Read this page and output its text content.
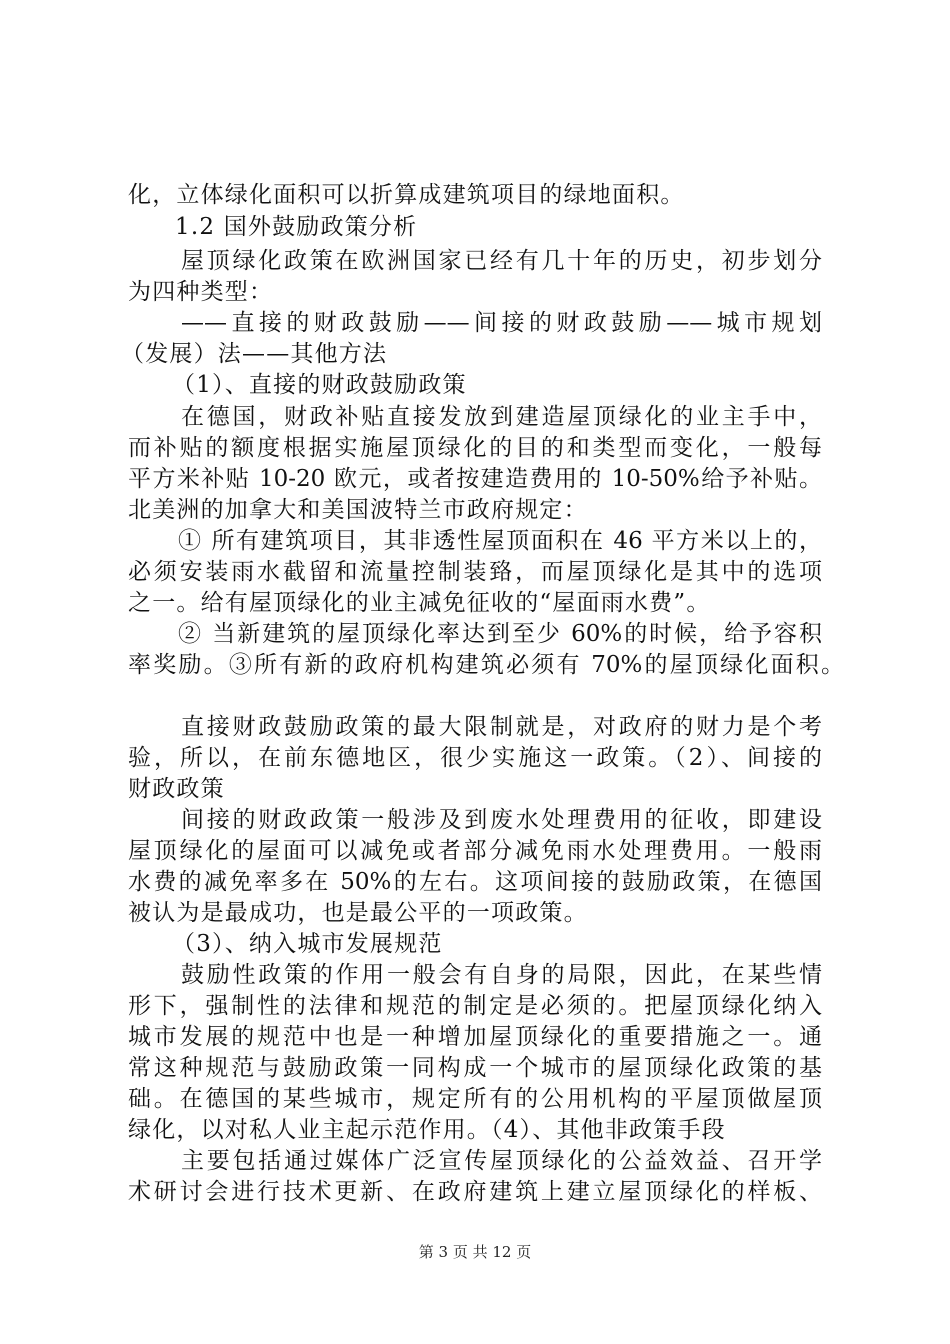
化，立体绿化面积可以折算成建筑项目的绿地面积。
1.2 国外鼓励政策分析
屋顶绿化政策在欧洲国家已经有几十年的历史，初步划分
为四种类型：
——直接的财政鼓励——间接的财政鼓励——城市规划
（发展）法——其他方法
（1）、直接的财政鼓励政策
在德国，财政补贴直接发放到建造屋顶绿化的业主手中，
而补贴的额度根据实施屋顶绿化的目的和类型而变化，一般每
平方米补贴 10-20 欧元，或者按建造费用的 10-50%给予补贴。
北美洲的加拿大和美国波特兰市政府规定：
① 所有建筑项目，其非透性屋顶面积在 46 平方米以上的，
必须安装雨水截留和流量控制装臵，而屋顶绿化是其中的选项
之一。给有屋顶绿化的业主减免征收的“屋面雨水费”。
② 当新建筑的屋顶绿化率达到至少 60%的时候，给予容积
率奖励。③所有新的政府机构建筑必须有 70%的屋顶绿化面积。
直接财政鼓励政策的最大限制就是，对政府的财力是个考
验，所以，在前东德地区，很少实施这一政策。（2）、间接的
财政政策
间接的财政政策一般涉及到废水处理费用的征收，即建设
屋顶绿化的屋面可以减免或者部分减免雨水处理费用。一般雨
水费的减免率多在 50%的左右。这项间接的鼓励政策，在德国
被认为是最成功，也是最公平的一项政策。
（3）、纳入城市发展规范
鼓励性政策的作用一般会有自身的局限，因此，在某些情
形下，强制性的法律和规范的制定是必须的。把屋顶绿化纳入
城市发展的规范中也是一种增加屋顶绿化的重要措施之一。通
常这种规范与鼓励政策一同构成一个城市的屋顶绿化政策的基
础。在德国的某些城市，规定所有的公用机构的平屋顶做屋顶
绿化，以对私人业主起示范作用。（4）、其他非政策手段
主要包括通过媒体广泛宣传屋顶绿化的公益效益、召开学
术研讨会进行技术更新、在政府建筑上建立屋顶绿化的样板、
第 3 页 共 12 页
